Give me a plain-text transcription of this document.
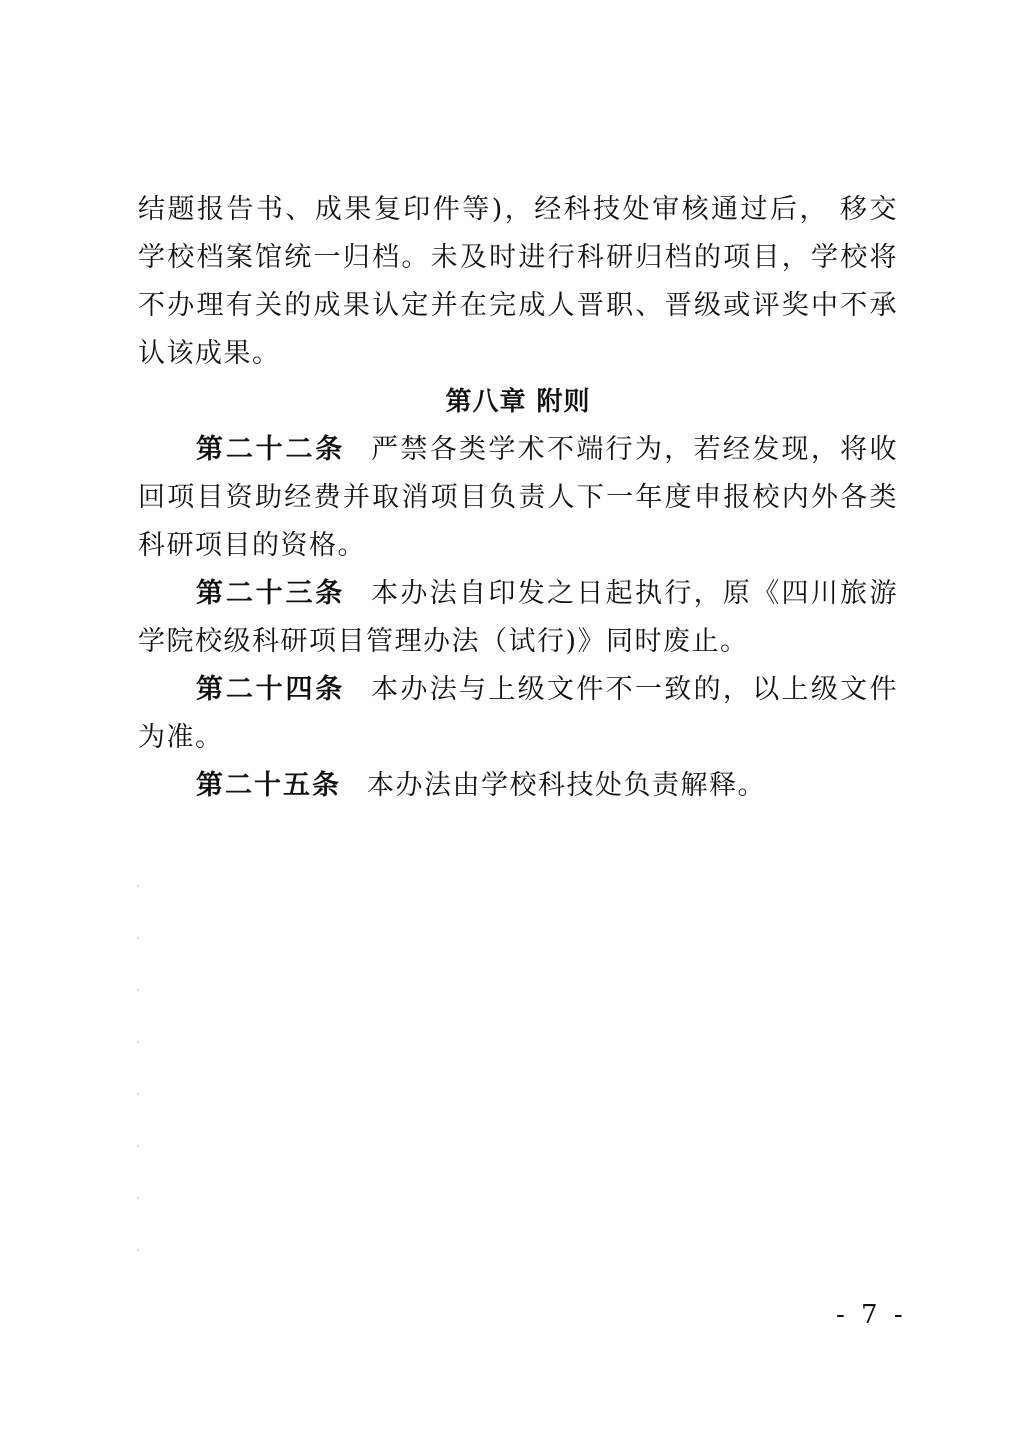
结题报告书、成果复印件等)，经科技处审核通过后， 移交学校档案馆统一归档。未及时进行科研归档的项目，学校将不办理有关的成果认定并在完成人晋职、晋级或评奖中不承认该成果。

第八章 附则

第二十二条 严禁各类学术不端行为，若经发现，将收回项目资助经费并取消项目负责人下一年度申报校内外各类科研项目的资格。

第二十三条 本办法自印发之日起执行，原《四川旅游学院校级科研项目管理办法（试行)》同时废止。

第二十四条 本办法与上级文件不一致的，以上级文件为准。

第二十五条 本办法由学校科技处负责解释。

- 7 -
